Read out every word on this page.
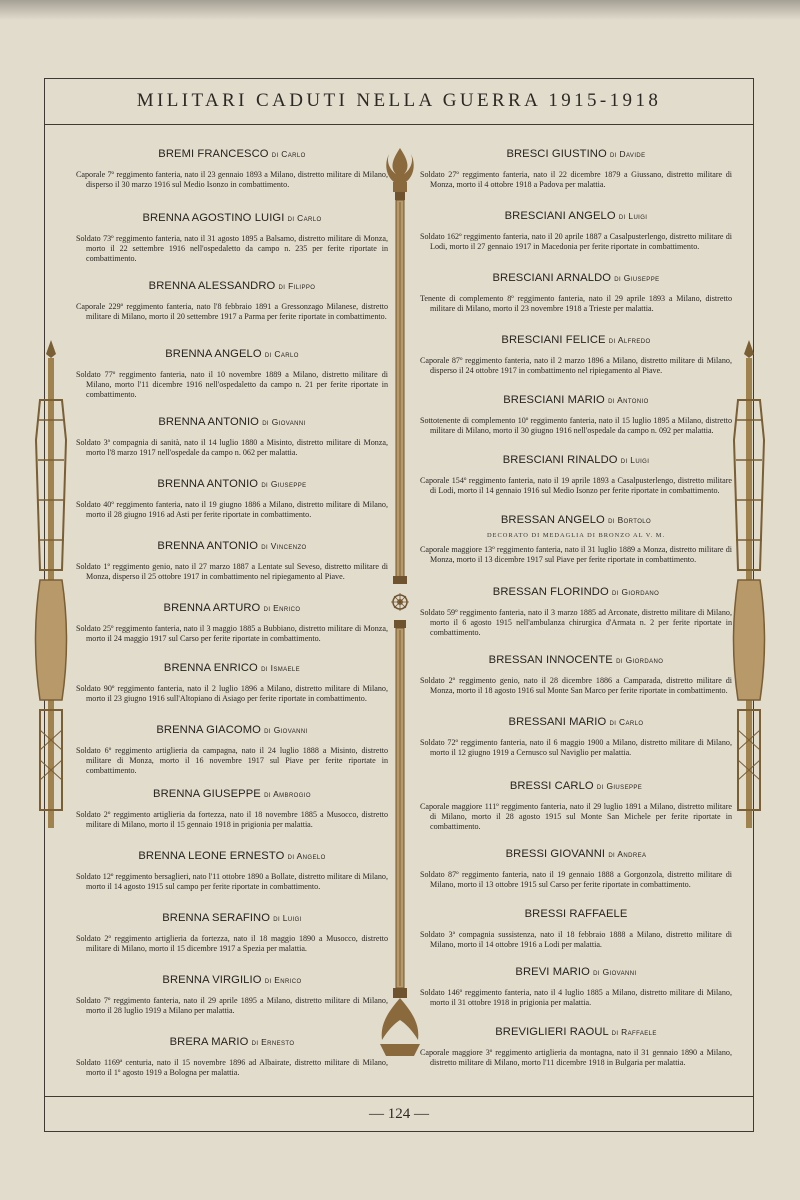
MILITARI CADUTI NELLA GUERRA 1915-1918
BREMI FRANCESCO di Carlo
Caporale 7º reggimento fanteria, nato il 23 gennaio 1893 a Milano, distretto militare di Milano, disperso il 30 marzo 1916 sul Medio Isonzo in combattimento.
BRENNA AGOSTINO LUIGI di Carlo
Soldato 73º reggimento fanteria, nato il 31 agosto 1895 a Balsamo, distretto militare di Monza, morto il 22 settembre 1916 nell'ospedaletto da campo n. 235 per ferite riportate in combattimento.
BRENNA ALESSANDRO di Filippo
Caporale 229º reggimento fanteria, nato l'8 febbraio 1891 a Gressonzago Milanese, distretto militare di Milano, morto il 20 settembre 1917 a Parma per ferite riportate in combattimento.
BRENNA ANGELO di Carlo
Soldato 77º reggimento fanteria, nato il 10 novembre 1889 a Milano, distretto militare di Milano, morto l'11 dicembre 1916 nell'ospedaletto da campo n. 21 per ferite riportate in combattimento.
BRENNA ANTONIO di Giovanni
Soldato 3ª compagnia di sanità, nato il 14 luglio 1880 a Misinto, distretto militare di Monza, morto l'8 marzo 1917 nell'ospedale da campo n. 062 per malattia.
BRENNA ANTONIO di Giuseppe
Soldato 40º reggimento fanteria, nato il 19 giugno 1886 a Milano, distretto militare di Milano, morto il 28 giugno 1916 ad Asti per ferite riportate in combattimento.
BRENNA ANTONIO di Vincenzo
Soldato 1º reggimento genio, nato il 27 marzo 1887 a Lentate sul Seveso, distretto militare di Monza, disperso il 25 ottobre 1917 in combattimento nel ripiegamento al Piave.
BRENNA ARTURO di Enrico
Soldato 25º reggimento fanteria, nato il 3 maggio 1885 a Bubbiano, distretto militare di Monza, morto il 24 maggio 1917 sul Carso per ferite riportate in combattimento.
BRENNA ENRICO di Ismaele
Soldato 90º reggimento fanteria, nato il 2 luglio 1896 a Milano, distretto militare di Milano, morto il 23 giugno 1916 sull'Altopiano di Asiago per ferite riportate in combattimento.
BRENNA GIACOMO di Giovanni
Soldato 6º reggimento artiglieria da campagna, nato il 24 luglio 1888 a Misinto, distretto militare di Monza, morto il 16 novembre 1917 sul Piave per ferite riportate in combattimento.
BRENNA GIUSEPPE di Ambrogio
Soldato 2º reggimento artiglieria da fortezza, nato il 18 novembre 1885 a Musocco, distretto militare di Milano, morto il 15 gennaio 1918 in prigionia per malattia.
BRENNA LEONE ERNESTO di Angelo
Soldato 12º reggimento bersaglieri, nato l'11 ottobre 1890 a Bollate, distretto militare di Milano, morto il 14 agosto 1915 sul campo per ferite riportate in combattimento.
BRENNA SERAFINO di Luigi
Soldato 2º reggimento artiglieria da fortezza, nato il 18 maggio 1890 a Musocco, distretto militare di Milano, morto il 15 dicembre 1917 a Spezia per malattia.
BRENNA VIRGILIO di Enrico
Soldato 7º reggimento fanteria, nato il 29 aprile 1895 a Milano, distretto militare di Milano, morto il 28 luglio 1919 a Milano per malattia.
BRERA MARIO di Ernesto
Soldato 1169ª centuria, nato il 15 novembre 1896 ad Albairate, distretto militare di Milano, morto il 1º agosto 1919 a Bologna per malattia.
BRESCI GIUSTINO di Davide
Soldato 27º reggimento fanteria, nato il 22 dicembre 1879 a Giussano, distretto militare di Monza, morto il 4 ottobre 1918 a Padova per malattia.
BRESCIANI ANGELO di Luigi
Soldato 162º reggimento fanteria, nato il 20 aprile 1887 a Casalpusterlengo, distretto militare di Lodi, morto il 27 gennaio 1917 in Macedonia per ferite riportate in combattimento.
BRESCIANI ARNALDO di Giuseppe
Tenente di complemento 8º reggimento fanteria, nato il 29 aprile 1893 a Milano, distretto militare di Milano, morto il 23 novembre 1918 a Trieste per malattia.
BRESCIANI FELICE di Alfredo
Caporale 87º reggimento fanteria, nato il 2 marzo 1896 a Milano, distretto militare di Milano, disperso il 24 ottobre 1917 in combattimento nel ripiegamento al Piave.
BRESCIANI MARIO di Antonio
Sottotenente di complemento 10º reggimento fanteria, nato il 15 luglio 1895 a Milano, distretto militare di Milano, morto il 30 giugno 1916 nell'ospedale da campo n. 092 per malattia.
BRESCIANI RINALDO di Luigi
Caporale 154º reggimento fanteria, nato il 19 aprile 1893 a Casalpusterlengo, distretto militare di Lodi, morto il 14 gennaio 1916 sul Medio Isonzo per ferite riportate in combattimento.
BRESSAN ANGELO di Bortolo
DECORATO DI MEDAGLIA DI BRONZO AL V. M.
Caporale maggiore 13º reggimento fanteria, nato il 31 luglio 1889 a Monza, distretto militare di Monza, morto il 13 dicembre 1917 sul Piave per ferite riportate in combattimento.
BRESSAN FLORINDO di Giordano
Soldato 59º reggimento fanteria, nato il 3 marzo 1885 ad Arconate, distretto militare di Milano, morto il 6 agosto 1915 nell'ambulanza chirurgica d'Armata n. 2 per ferite riportate in combattimento.
BRESSAN INNOCENTE di Giordano
Soldato 2º reggimento genio, nato il 28 dicembre 1886 a Camparada, distretto militare di Monza, morto il 18 agosto 1916 sul Monte San Marco per ferite riportate in combattimento.
BRESSANI MARIO di Carlo
Soldato 72º reggimento fanteria, nato il 6 maggio 1900 a Milano, distretto militare di Milano, morto il 12 giugno 1919 a Cernusco sul Naviglio per malattia.
BRESSI CARLO di Giuseppe
Caporale maggiore 111º reggimento fanteria, nato il 29 luglio 1891 a Milano, distretto militare di Milano, morto il 28 agosto 1915 sul Monte San Michele per ferite riportate in combattimento.
BRESSI GIOVANNI di Andrea
Soldato 87º reggimento fanteria, nato il 19 gennaio 1888 a Gorgonzola, distretto militare di Milano, morto il 13 ottobre 1915 sul Carso per ferite riportate in combattimento.
BRESSI RAFFAELE
Soldato 3ª compagnia sussistenza, nato il 18 febbraio 1888 a Milano, distretto militare di Milano, morto il 14 ottobre 1916 a Lodi per malattia.
BREVI MARIO di Giovanni
Soldato 146º reggimento fanteria, nato il 4 luglio 1885 a Milano, distretto militare di Milano, morto il 31 ottobre 1918 in prigionia per malattia.
BREVIGLIERI RAOUL di Raffaele
Caporale maggiore 3º reggimento artiglieria da montagna, nato il 31 gennaio 1890 a Milano, distretto militare di Milano, morto l'11 dicembre 1918 in Bulgaria per malattia.
— 124 —
